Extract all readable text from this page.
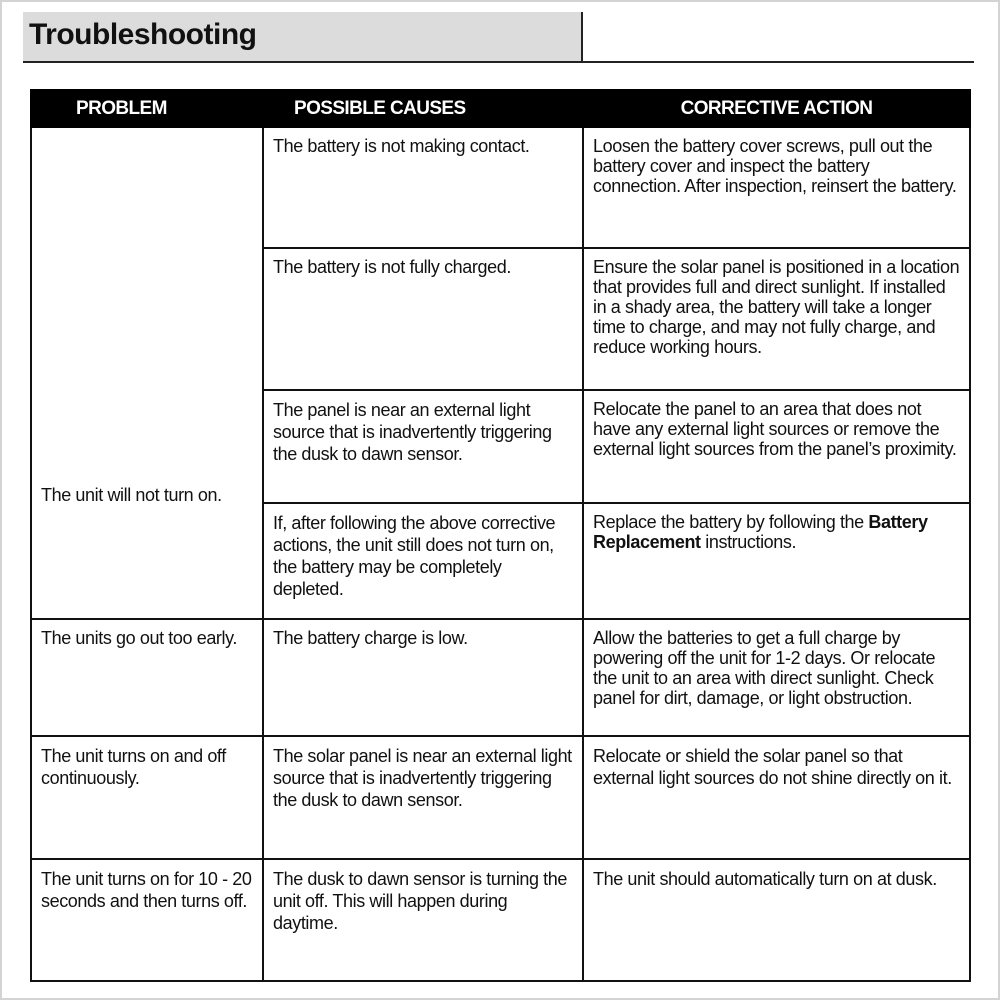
Troubleshooting
PROBLEM	POSSIBLE CAUSES	CORRECTIVE ACTION
The unit will not turn on.	The battery is not making contact.	Loosen the battery cover screws, pull out the battery cover and inspect the battery connection. After inspection, reinsert the battery.
	The battery is not fully charged.	Ensure the solar panel is positioned in a location that provides full and direct sunlight. If installed in a shady area, the battery will take a longer time to charge, and may not fully charge, and reduce working hours.
	The panel is near an external light source that is inadvertently triggering the dusk to dawn sensor.	Relocate the panel to an area that does not have any external light sources or remove the external light sources from the panel’s proximity.
	If, after following the above corrective actions, the unit still does not turn on, the battery may be completely depleted.	Replace the battery by following the Battery Replacement instructions.
The units go out too early.	The battery charge is low.	Allow the batteries to get a full charge by powering off the unit for 1-2 days. Or relocate the unit to an area with direct sunlight. Check panel for dirt, damage, or light obstruction.
The unit turns on and off continuously.	The solar panel is near an external light source that is inadvertently triggering the dusk to dawn sensor.	Relocate or shield the solar panel so that external light sources do not shine directly on it.
The unit turns on for 10 - 20 seconds and then turns off.	The dusk to dawn sensor is turning the unit off. This will happen during daytime.	The unit should automatically turn on at dusk.
